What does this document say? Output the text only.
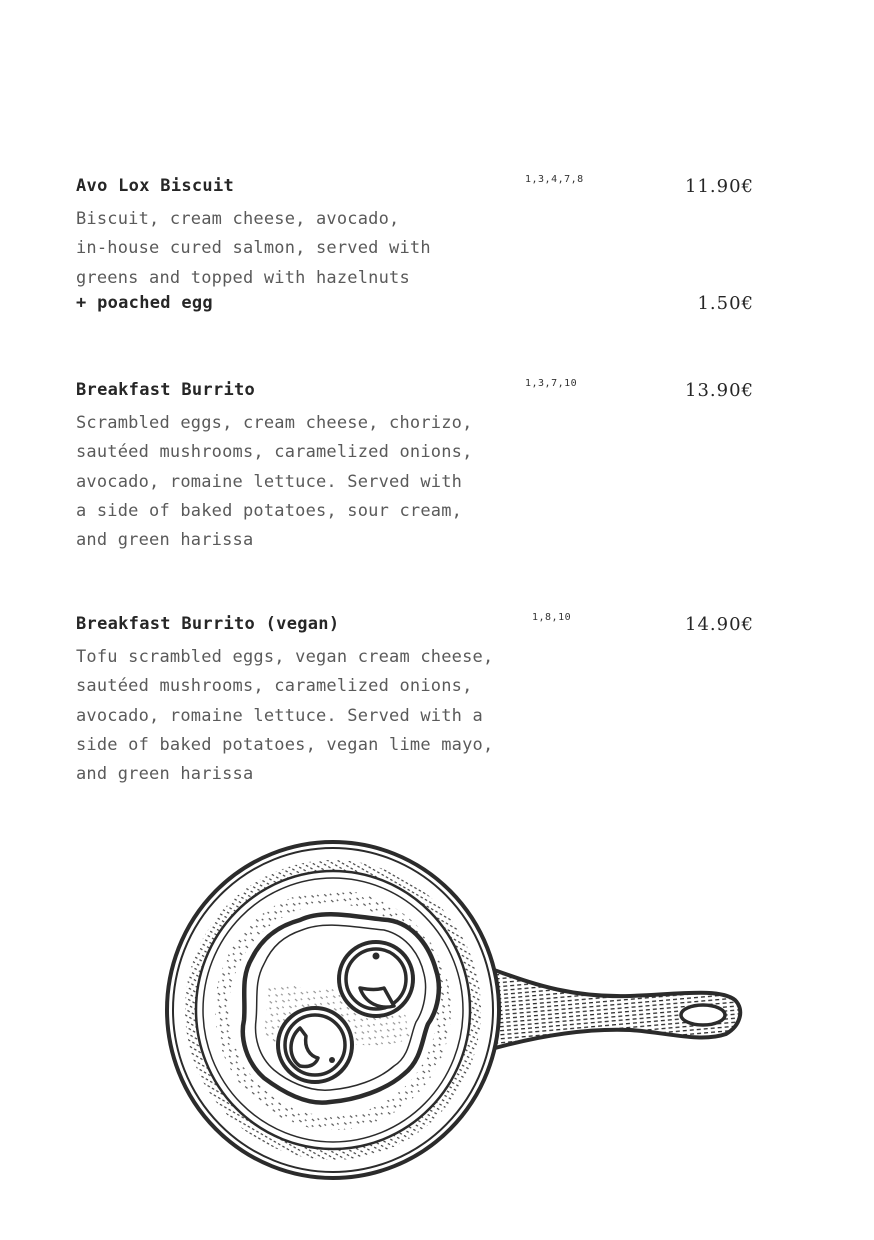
Avo Lox Biscuit	1,3,4,7,8	11.90€
Biscuit, cream cheese, avocado,
in-house cured salmon, served with
greens and topped with hazelnuts
+ poached egg	1.50€
Breakfast Burrito	1,3,7,10	13.90€
Scrambled eggs, cream cheese, chorizo,
sautéed mushrooms, caramelized onions,
avocado, romaine lettuce. Served with
a side of baked potatoes, sour cream,
and green harissa
Breakfast Burrito (vegan)	1,8,10	14.90€
Tofu scrambled eggs, vegan cream cheese,
sautéed mushrooms, caramelized onions,
avocado, romaine lettuce. Served with a
side of baked potatoes, vegan lime mayo,
and green harissa
